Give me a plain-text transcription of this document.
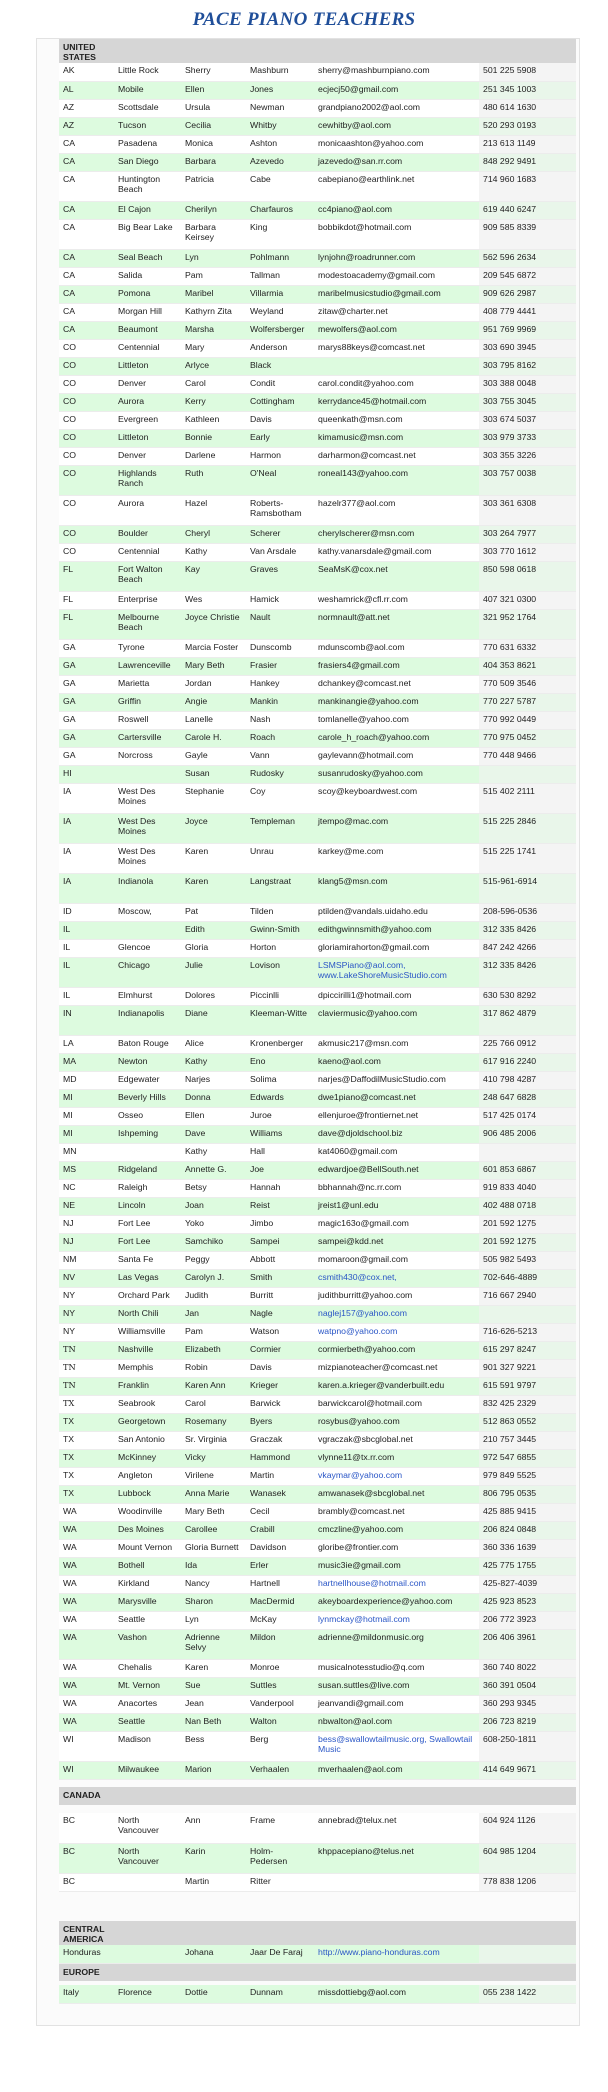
PACE PIANO TEACHERS
UNITED STATES						
AK	Little Rock	Sherry	Mashburn	sherry@mashburnpiano.com	501 225 5908	
AL	Mobile	Ellen	Jones	ecjecj50@gmail.com	251 345 1003	
AZ	Scottsdale	Ursula	Newman	grandpiano2002@aol.com	480 614 1630	
AZ	Tucson	Cecilia	Whitby	cewhitby@aol.com	520 293 0193	
CA	Pasadena	Monica	Ashton	monicaashton@yahoo.com	213 613 1149	
CA	San Diego	Barbara	Azevedo	jazevedo@san.rr.com	848 292 9491	
CA	Huntington Beach	Patricia	Cabe	cabepiano@earthlink.net	714 960 1683	
CA	El Cajon	Cherilyn	Charfauros	cc4piano@aol.com	619 440 6247	
CA	Big Bear Lake	Barbara Keirsey	King	bobbikdot@hotmail.com	909 585 8339	
CA	Seal Beach	Lyn	Pohlmann	lynjohn@roadrunner.com	562 596 2634	
CA	Salida	Pam	Tallman	modestoacademy@gmail.com	209 545 6872	
CA	Pomona	Maribel	Villarmia	maribelmusicstudio@gmail.com	909 626 2987	
CA	Morgan Hill	Kathyrn Zita	Weyland	zitaw@charter.net	408 779 4441	
CA	Beaumont	Marsha	Wolfersberger	mewolfers@aol.com	951 769 9969	
CO	Centennial	Mary	Anderson	marys88keys@comcast.net	303 690 3945	
CO	Littleton	Arlyce	Black		303 795 8162	
CO	Denver	Carol	Condit	carol.condit@yahoo.com	303 388 0048	
CO	Aurora	Kerry	Cottingham	kerrydance45@hotmail.com	303 755 3045	
CO	Evergreen	Kathleen	Davis	queenkath@msn.com	303 674 5037	
CO	Littleton	Bonnie	Early	kimamusic@msn.com	303 979 3733	
CO	Denver	Darlene	Harmon	darharmon@comcast.net	303 355 3226	
CO	Highlands Ranch	Ruth	O'Neal	roneal143@yahoo.com	303 757 0038	
CO	Aurora	Hazel	Roberts-Ramsbotham	hazelr377@aol.com	303 361 6308	
CO	Boulder	Cheryl	Scherer	cherylscherer@msn.com	303 264 7977	
CO	Centennial	Kathy	Van Arsdale	kathy.vanarsdale@gmail.com	303 770 1612	
FL	Fort Walton Beach	Kay	Graves	SeaMsK@cox.net	850 598 0618	
FL	Enterprise	Wes	Hamick	weshamrick@cfl.rr.com	407 321 0300	
FL	Melbourne Beach	Joyce Christie	Nault	normnault@att.net	321 952 1764	
GA	Tyrone	Marcia Foster	Dunscomb	mdunscomb@aol.com	770 631 6332	
GA	Lawrenceville	Mary Beth	Frasier	frasiers4@gmail.com	404 353 8621	
GA	Marietta	Jordan	Hankey	dchankey@comcast.net	770 509 3546	
GA	Griffin	Angie	Mankin	mankinangie@yahoo.com	770 227 5787	
GA	Roswell	Lanelle	Nash	tomlanelle@yahoo.com	770 992 0449	
GA	Cartersville	Carole H.	Roach	carole_h_roach@yahoo.com	770 975 0452	
GA	Norcross	Gayle	Vann	gaylevann@hotmail.com	770 448 9466	
HI		Susan	Rudosky	susanrudosky@yahoo.com		
IA	West Des Moines	Stephanie	Coy	scoy@keyboardwest.com	515 402 2111	
IA	West Des Moines	Joyce	Templeman	jtempo@mac.com	515 225 2846	
IA	West Des Moines	Karen	Unrau	karkey@me.com	515 225 1741	
IA	Indianola	Karen	Langstraat	klang5@msn.com	515-961-6914	
ID	Moscow,	Pat	Tilden	ptilden@vandals.uidaho.edu	208-596-0536	
IL		Edith	Gwinn-Smith	edithgwinnsmith@yahoo.com	312 335 8426	
IL	Glencoe	Gloria	Horton	gloriamirahorton@gmail.com	847 242 4266	
IL	Chicago	Julie	Lovison	LSMSPiano@aol.com, www.LakeShoreMusicStudio.com	312 335 8426	
IL	Elmhurst	Dolores	Piccinlli	dpiccirilli1@hotmail.com	630 530 8292	
IN	Indianapolis	Diane	Kleeman-Witte	claviermusic@yahoo.com	317 862 4879	
LA	Baton Rouge	Alice	Kronenberger	akmusic217@msn.com	225 766 0912	
MA	Newton	Kathy	Eno	kaeno@aol.com	617 916 2240	
MD	Edgewater	Narjes	Solima	narjes@DaffodilMusicStudio.com	410 798 4287	
MI	Beverly Hills	Donna	Edwards	dwe1piano@comcast.net	248 647 6828	
MI	Osseo	Ellen	Juroe	ellenjuroe@frontiernet.net	517 425 0174	
MI	Ishpeming	Dave	Williams	dave@djoldschool.biz	906 485 2006	
MN		Kathy	Hall	kat4060@gmail.com		
MS	Ridgeland	Annette G.	Joe	edwardjoe@BellSouth.net	601 853 6867	
NC	Raleigh	Betsy	Hannah	bbhannah@nc.rr.com	919 833 4040	
NE	Lincoln	Joan	Reist	jreist1@unl.edu	402 488 0718	
NJ	Fort Lee	Yoko	Jimbo	magic163o@gmail.com	201 592 1275	
NJ	Fort Lee	Samchiko	Sampei	sampei@kdd.net	201 592 1275	
NM	Santa Fe	Peggy	Abbott	momaroon@gmail.com	505 982 5493	
NV	Las Vegas	Carolyn J.	Smith	csmith430@cox.net,	702-646-4889	
NY	Orchard Park	Judith	Burritt	judithburritt@yahoo.com	716 667 2940	
NY	North Chili	Jan	Nagle	naglej157@yahoo.com		
NY	Williamsville	Pam	Watson	watpno@yahoo.com	716-626-5213	
TN	Nashville	Elizabeth	Cormier	cormierbeth@yahoo.com	615 297 8247	
TN	Memphis	Robin	Davis	mizpianoteacher@comcast.net	901 327 9221	
TN	Franklin	Karen Ann	Krieger	karen.a.krieger@vanderbuilt.edu	615 591 9797	
TX	Seabrook	Carol	Barwick	barwickcarol@hotmail.com	832 425 2329	
TX	Georgetown	Rosemany	Byers	rosybus@yahoo.com	512 863 0552	
TX	San Antonio	Sr. Virginia	Graczak	vgraczak@sbcglobal.net	210 757 3445	
TX	McKinney	Vicky	Hammond	vlynne11@tx.rr.com	972 547 6855	
TX	Angleton	Virilene	Martin	vkaymar@yahoo.com	979 849 5525	
TX	Lubbock	Anna Marie	Wanasek	amwanasek@sbcglobal.net	806 795 0535	
WA	Woodinville	Mary Beth	Cecil	brambly@comcast.net	425 885 9415	
WA	Des Moines	Carollee	Crabill	cmczline@yahoo.com	206 824 0848	
WA	Mount Vernon	Gloria Burnett	Davidson	gloribe@frontier.com	360 336 1639	
WA	Bothell	Ida	Erler	music3ie@gmail.com	425 775 1755	
WA	Kirkland	Nancy	Hartnell	hartnellhouse@hotmail.com	425-827-4039	
WA	Marysville	Sharon	MacDermid	akeyboardexperience@yahoo.com	425 923 8523	
WA	Seattle	Lyn	McKay	lynmckay@hotmail.com	206 772 3923	
WA	Vashon	Adrienne Selvy	Mildon	adrienne@mildonmusic.org	206 406 3961	
WA	Chehalis	Karen	Monroe	musicalnotesstudio@q.com	360 740 8022	
WA	Mt. Vernon	Sue	Suttles	susan.suttles@live.com	360 391 0504	
WA	Anacortes	Jean	Vanderpool	jeanvandi@gmail.com	360 293 9345	
WA	Seattle	Nan Beth	Walton	nbwalton@aol.com	206 723 8219	
WI	Madison	Bess	Berg	bess@swallowtailmusic.org, Swallowtail Music	608-250-1811	
WI	Milwaukee	Marion	Verhaalen	mverhaalen@aol.com	414 649 9671	

CANADA						

BC	North Vancouver	Ann	Frame	annebrad@telux.net	604 924 1126	
BC	North Vancouver	Karin	Holm-Pedersen	khppacepiano@telus.net	604 985 1204	
BC		Martin	Ritter		778 838 1206	

CENTRAL AMERICA						
Honduras		Johana	Jaar De Faraj	http://www.piano-honduras.com		
EUROPE						

Italy	Florence	Dottie	Dunnam	missdottiebg@aol.com	055 238 1422	
